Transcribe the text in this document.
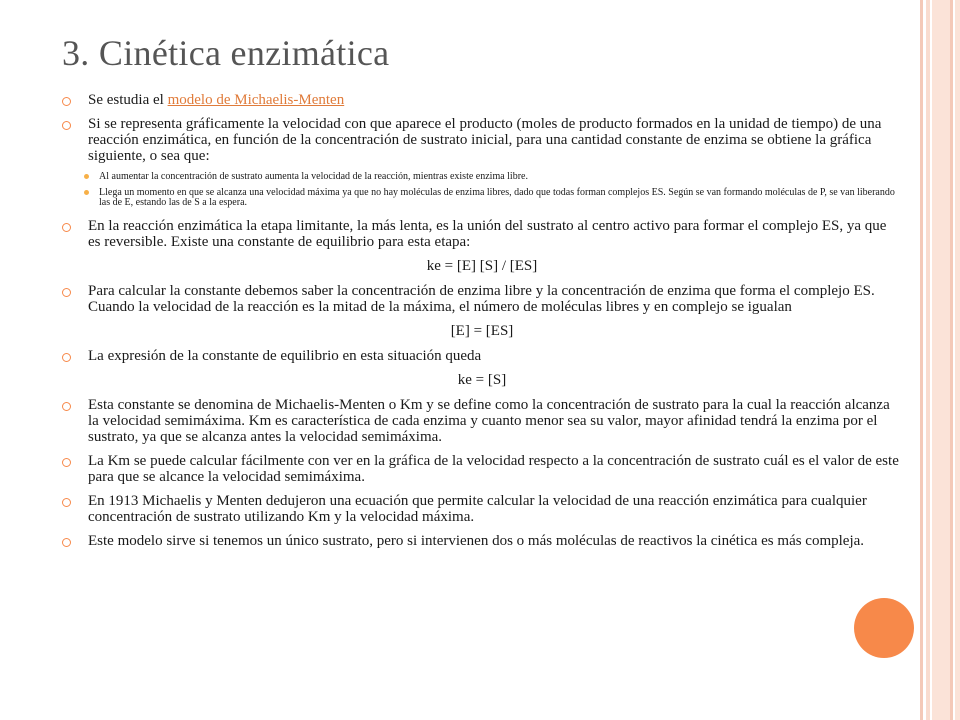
3. Cinética enzimática
Se estudia el modelo de Michaelis-Menten
Si se representa gráficamente la velocidad con que aparece el producto (moles de producto formados en la unidad de tiempo) de una reacción enzimática, en función de la concentración de sustrato inicial, para una cantidad constante de enzima se obtiene la gráfica siguiente, o sea que:
Al aumentar la concentración de sustrato aumenta la velocidad de la reacción, mientras existe enzima libre.
Llega un momento en que se alcanza una velocidad máxima ya que no hay moléculas de enzima libres, dado que todas forman complejos ES. Según se van formando moléculas de P, se van liberando las de E, estando las de S a la espera.
En la reacción enzimática la etapa limitante, la más lenta, es la unión del sustrato al centro activo para formar el complejo ES, ya que es reversible. Existe una constante de equilibrio para esta etapa:
ke = [E] [S] / [ES]
Para calcular la constante debemos saber la concentración de enzima libre y la concentración de enzima que forma el complejo ES. Cuando la velocidad de la reacción es la mitad de la máxima, el número de moléculas libres y en complejo se igualan
[E] = [ES]
La expresión de la constante de equilibrio en esta situación queda
ke = [S]
Esta constante se denomina de Michaelis-Menten o Km y se define como la concentración de sustrato para la cual la reacción alcanza la velocidad semimáxima. Km es característica de cada enzima y cuanto menor sea su valor, mayor afinidad tendrá la enzima por el sustrato, ya que se alcanza antes la velocidad semimáxima.
La Km se puede calcular fácilmente con ver en la gráfica de la velocidad respecto a la concentración de sustrato cuál es el valor de este para que se alcance la velocidad semimáxima.
En 1913 Michaelis y Menten dedujeron una ecuación que permite calcular la velocidad de una reacción enzimática para cualquier concentración de sustrato utilizando Km y la velocidad máxima.
Este modelo sirve si tenemos un único sustrato, pero si intervienen dos o más moléculas de reactivos la cinética es más compleja.
